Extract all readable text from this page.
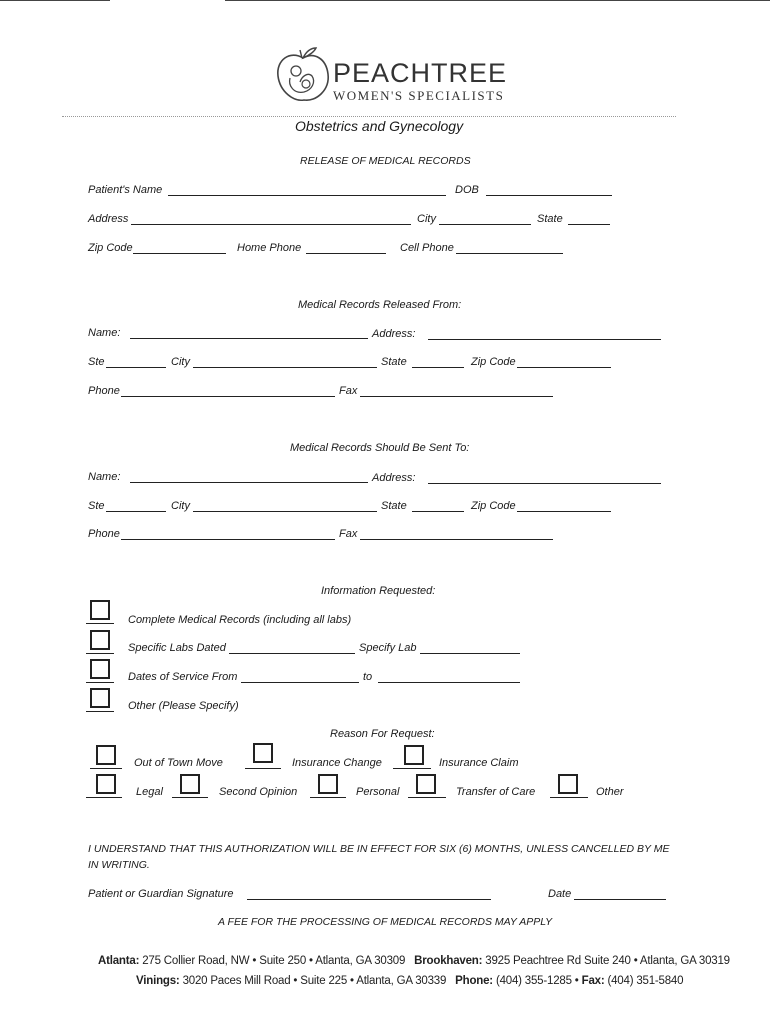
PEACHTREE
WOMEN'S SPECIALISTS
Obstetrics and Gynecology
RELEASE OF MEDICAL RECORDS
Patient's Name	DOB
Address	City	State
Zip Code	Home Phone	Cell Phone
Medical Records Released From:
Name:	Address:
Ste	City	State	Zip Code
Phone	Fax
Medical Records Should Be Sent To:
Name:	Address:
Ste	City	State	Zip Code
Phone	Fax
Information Requested:
Complete Medical Records (including all labs)
Specific Labs Dated	Specify Lab
Dates of Service From	to
Other (Please Specify)
Reason For Request:
Out of Town Move	Insurance Change	Insurance Claim
Legal	Second Opinion	Personal	Transfer of Care	Other
I UNDERSTAND THAT THIS AUTHORIZATION WILL BE IN EFFECT FOR SIX (6) MONTHS, UNLESS CANCELLED BY ME
IN WRITING.
Patient or Guardian Signature	Date
A FEE FOR THE PROCESSING OF MEDICAL RECORDS MAY APPLY
Atlanta: 275 Collier Road, NW • Suite 250 • Atlanta, GA 30309 Brookhaven: 3925 Peachtree Rd Suite 240 • Atlanta, GA 30319
Vinings: 3020 Paces Mill Road • Suite 225 • Atlanta, GA 30339 Phone: (404) 355-1285 • Fax: (404) 351-5840
